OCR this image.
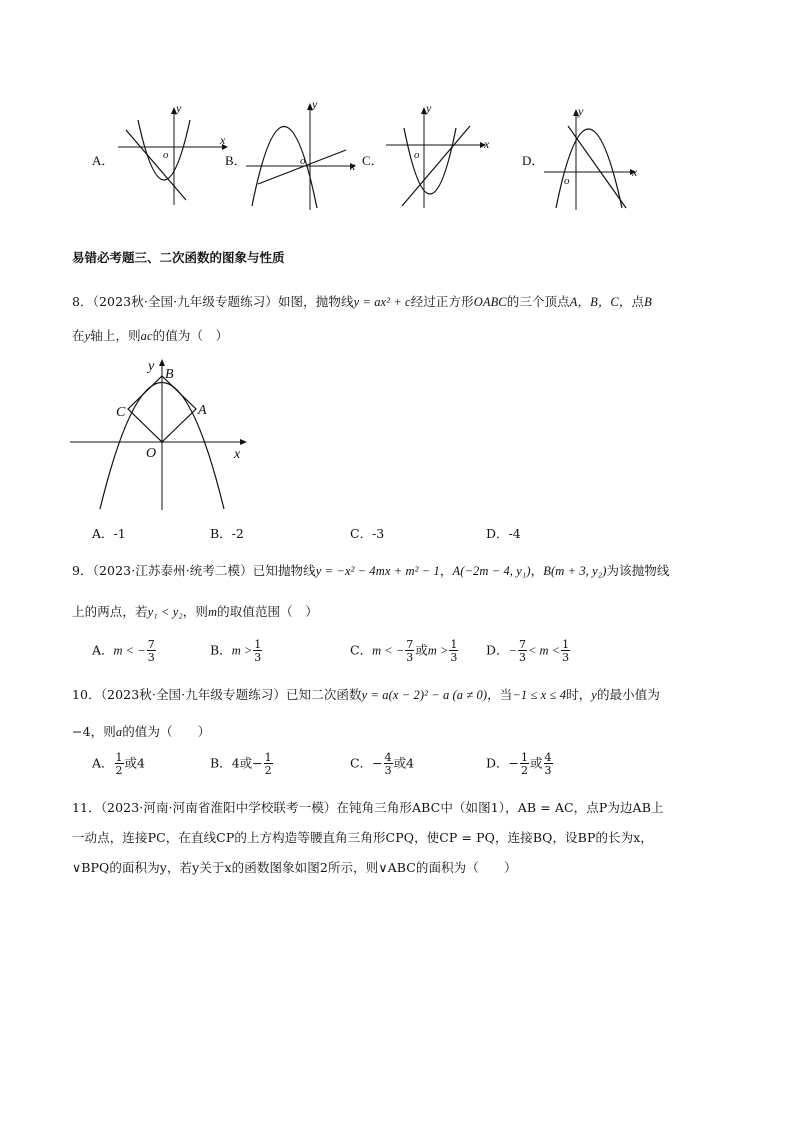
A．
x
y
o	B．	x
y
o	C．
x
y
o	D．
x
y
o
易错必考题三、二次函数的图象与性质
8．（2023秋·全国·九年级专题练习）如图，抛物线y = ax² + c经过正方形OABC的三个顶点A，B，C，点B
在y轴上，则ac的值为（　）
y
x
B
C	A
O
A．-1	B．-2	C．-3	D．-4
9．（2023·江苏泰州·统考二模）已知抛物线y = −x² − 4mx + m² − 1，A(−2m − 4, y₁)，B(m + 3, y₂)为该抛物线
上的两点，若y₁ < y₂，则m的取值范围（　）
A．m < − $\frac{7}{3}$	B．$m > \frac{1}{3}$	C．m < − $\frac{7}{3}$ 或$m > \frac{1}{3}$ D．− $\frac{7}{3} < m < \frac{1}{3}$
10．（2023秋·全国·九年级专题练习）已知二次函数y = a(x − 2)² − a (a ≠ 0)，当−1 ≤ x ≤ 4时，y的最小值为
−4，则a的值为（　　）
A． $\frac{1}{2}$ 或4	B．4或− $\frac{1}{2}$	C．− $\frac{4}{3}$ 或4	D．− $\frac{1}{2}$ 或 $\frac{4}{3}$
11．（2023·河南·河南省淮阳中学校联考一模）在钝角三角形ABC中（如图1），AB = AC，点P为边AB上
一动点，连接PC，在直线CP的上方构造等腰直角三角形CPQ，使CP = PQ，连接BQ，设BP的长为x，
∨BPQ的面积为y，若y关于x的函数图象如图2所示，则∨ABC的面积为（　　）
